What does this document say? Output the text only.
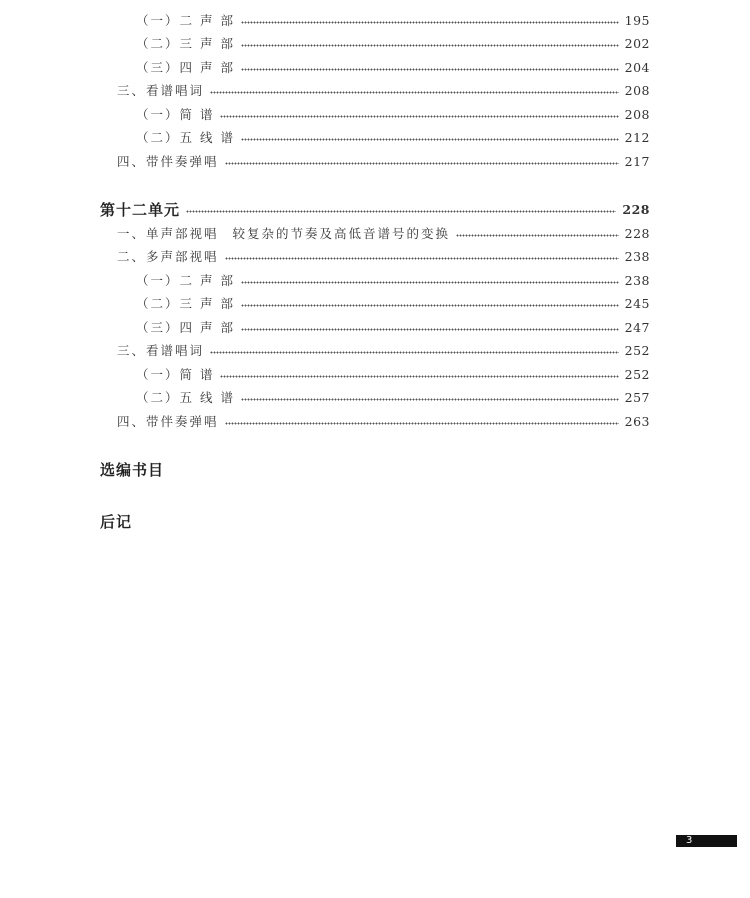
（一）二 声 部	195
（二）三 声 部	202
（三）四 声 部	204
三、看谱唱词	208
（一）简 谱	208
（二）五 线 谱	212
四、带伴奏弹唱	217
第十二单元	228
一、单声部视唱 较复杂的节奏及高低音谱号的变换	228
二、多声部视唱	238
（一）二 声 部	238
（二）三 声 部	245
（三）四 声 部	247
三、看谱唱词	252
（一）简 谱	252
（二）五 线 谱	257
四、带伴奏弹唱	263
选编书目
后记
3
